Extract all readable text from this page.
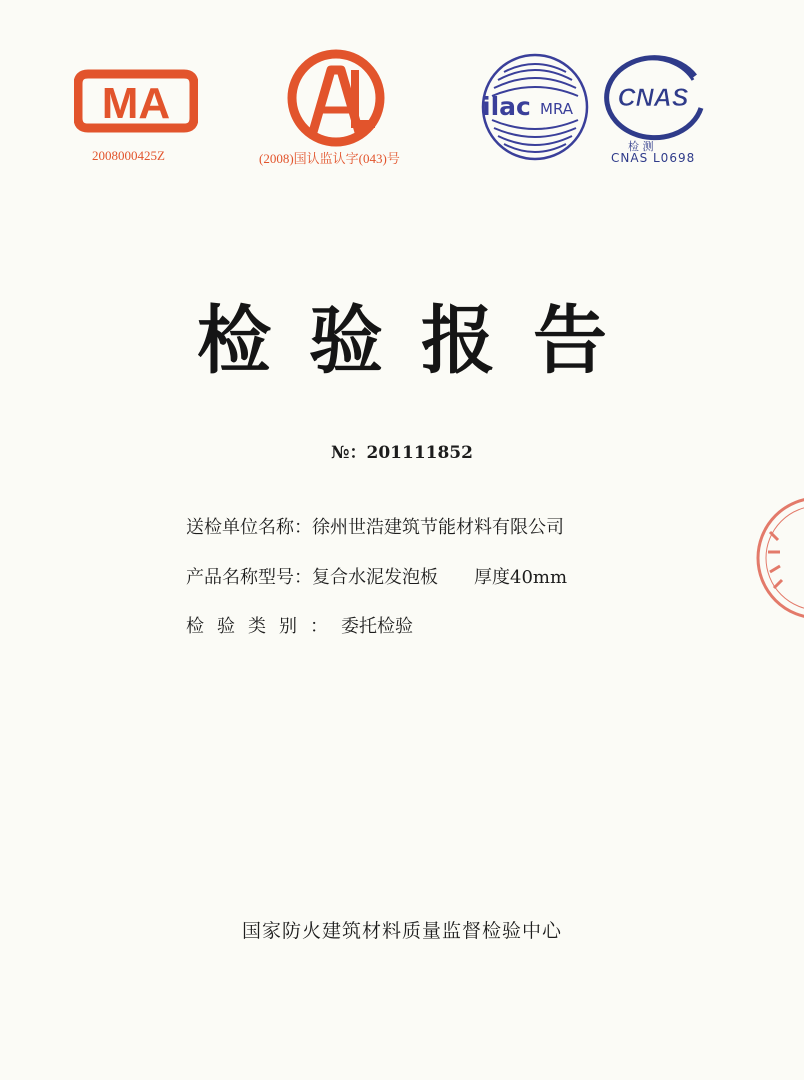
MA
2008000425Z	(2008)国认监认字(043)号
ilac MRA CNAS
检 测
CNAS L0698
检验报告
№：201111852
送检单位名称：徐州世浩建筑节能材料有限公司
产品名称型号：复合水泥发泡板　　厚度40mm
检验类别：委托检验
国家防火建筑材料质量监督检验中心
